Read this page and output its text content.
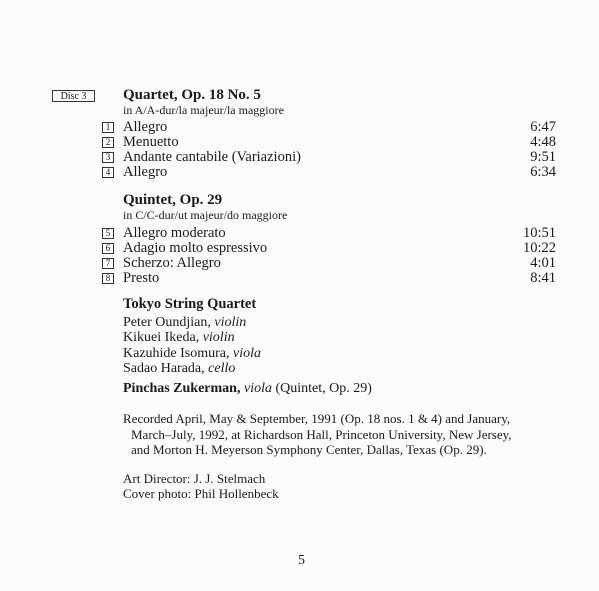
Disc 3	Quartet, Op. 18 No. 5
in A/A-dur/la majeur/la maggiore
1 Allegro	6:47
2 Menuetto	4:48
3 Andante cantabile (Variazioni)	9:51
4 Allegro	6:34
Quintet, Op. 29
in C/C-dur/ut majeur/do maggiore
5 Allegro moderato	10:51
6 Adagio molto espressivo	10:22
7 Scherzo: Allegro	4:01
8 Presto	8:41
Tokyo String Quartet
Peter Oundjian, violin
Kikuei Ikeda, violin
Kazuhide Isomura, viola
Sadao Harada, cello
Pinchas Zukerman, viola (Quintet, Op. 29)
Recorded April, May & September, 1991 (Op. 18 nos. 1 & 4) and January,
March–July, 1992, at Richardson Hall, Princeton University, New Jersey,
and Morton H. Meyerson Symphony Center, Dallas, Texas (Op. 29).
Art Director: J. J. Stelmach
Cover photo: Phil Hollenbeck
5
